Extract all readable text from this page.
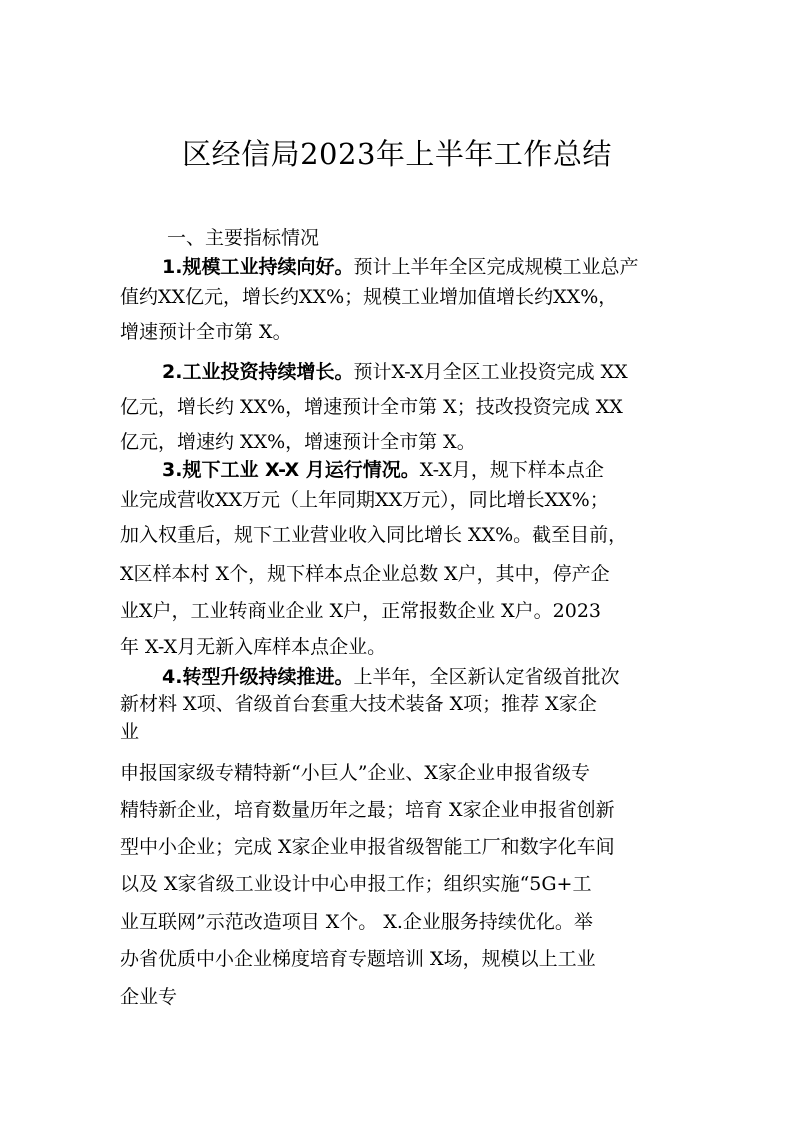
区经信局2023年上半年工作总结
一、主要指标情况
1.规模工业持续向好。预计上半年全区完成规模工业总产
值约XX亿元，增长约XX%；规模工业增加值增长约XX%，
增速预计全市第 X。
2.工业投资持续增长。预计X-X月全区工业投资完成 XX
亿元，增长约 XX%，增速预计全市第 X；技改投资完成 XX
亿元，增速约 XX%，增速预计全市第 X。
3.规下工业 X-X 月运行情况。X-X月，规下样本点企
业完成营收XX万元（上年同期XX万元），同比增长XX%；
加入权重后，规下工业营业收入同比增长 XX%。截至目前，
X区样本村 X个，规下样本点企业总数 X户，其中，停产企
业X户，工业转商业企业 X户，正常报数企业 X户。2023
年 X-X月无新入库样本点企业。
4.转型升级持续推进。上半年，全区新认定省级首批次
新材料 X项、省级首台套重大技术装备 X项；推荐 X家企
业
申报国家级专精特新“小巨人”企业、X家企业申报省级专
精特新企业，培育数量历年之最；培育 X家企业申报省创新
型中小企业；完成 X家企业申报省级智能工厂和数字化车间
以及 X家省级工业设计中心申报工作；组织实施“5G+工
业互联网”示范改造项目 X个。 X.企业服务持续优化。举
办省优质中小企业梯度培育专题培训 X场，规模以上工业
企业专
